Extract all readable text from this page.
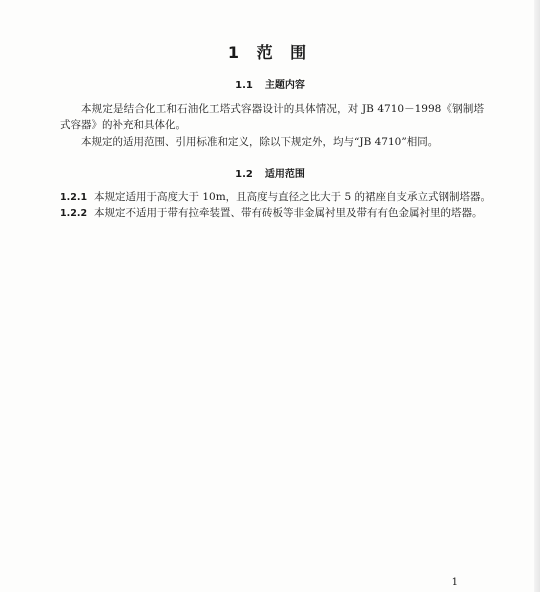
1 范 围
1.1 主题内容
本规定是结合化工和石油化工塔式容器设计的具体情况，对 JB 4710－1998《钢制塔式容器》的补充和具体化。
本规定的适用范围、引用标准和定义，除以下规定外，均与“JB 4710”相同。
1.2 适用范围
1.2.1 本规定适用于高度大于 10m，且高度与直径之比大于 5 的裙座自支承立式钢制塔器。
1.2.2 本规定不适用于带有拉牵装置、带有砖板等非金属衬里及带有有色金属衬里的塔器。
1
